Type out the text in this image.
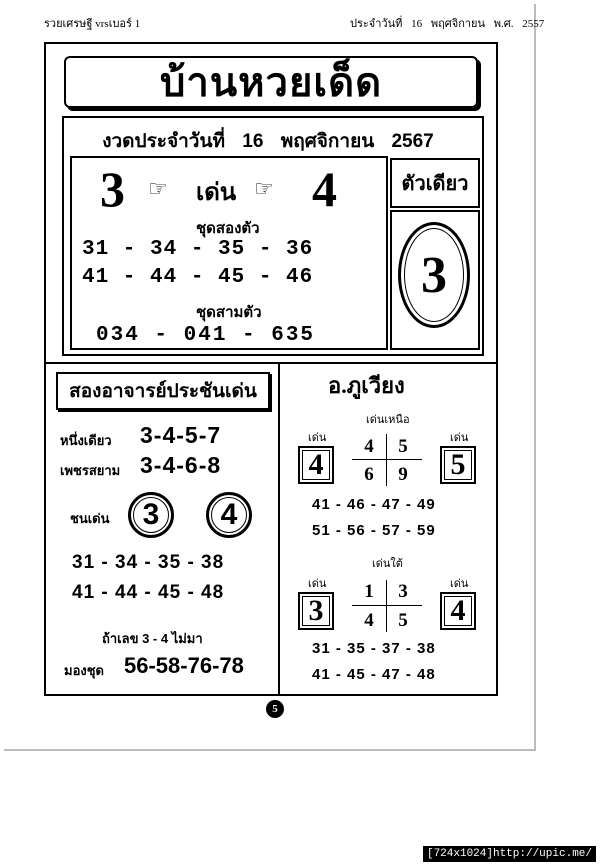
รวยเศรษฐี vrsเบอร์ 1	ประจำวันที่ 16 พฤศจิกายน พ.ศ. 2557
บ้านหวยเด็ด
งวดประจำวันที่ 16 พฤศจิกายน 2567
3 ☞ เด่น ☞ 4
ชุดสองตัว
31 - 34 - 35 - 36
41 - 44 - 45 - 46
ชุดสามตัว
034 - 041 - 635
ตัวเดียว
3
สองอาจารย์ประชันเด่น
หนึ่งเดียว 3-4-5-7
เพชรสยาม 3-4-6-8
ชนเด่น	3	4
31 - 34 - 35 - 38
41 - 44 - 45 - 48
ถ้าเลข 3 - 4 ไม่มา
มองชุด 56-58-76-78
อ.ภูเวียง
เด่นเหนือ
เด่น	เด่น
4	5
4	5
6	9
41 - 46 - 47 - 49
51 - 56 - 57 - 59
เด่นใต้
เด่น	เด่น
3	4
1	3
4	5
31 - 35 - 37 - 38
41 - 45 - 47 - 48
5
[724x1024]http://upic.me/
